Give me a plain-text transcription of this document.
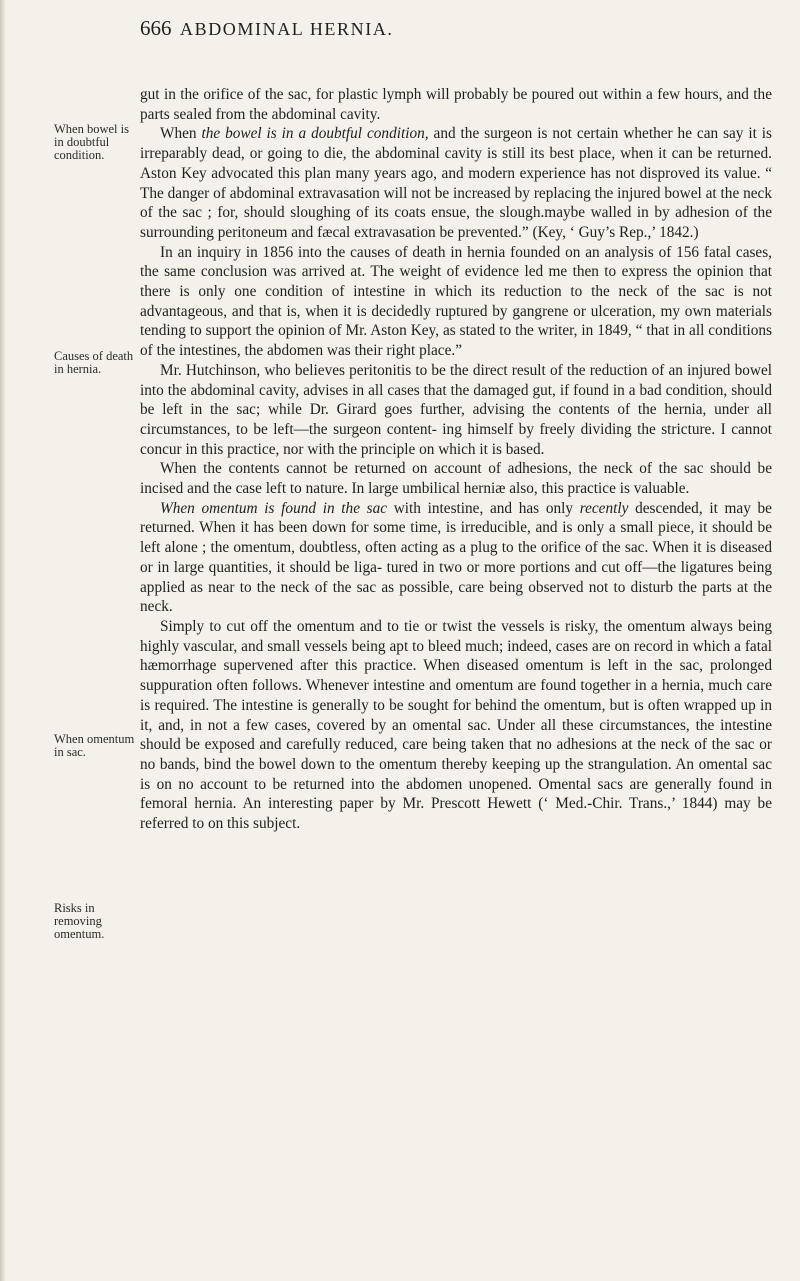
666 ABDOMINAL HERNIA.
When bowel is in doubtful condition.
Causes of death in hernia.
When omentum in sac.
Risks in removing omentum.

gut in the orifice of the sac, for plastic lymph will probably be poured out within a few hours, and the parts sealed from the abdominal cavity.

When the bowel is in a doubtful condition, and the surgeon is not certain whether he can say it is irreparably dead, or going to die, the abdominal cavity is still its best place, when it can be returned. Aston Key advocated this plan many years ago, and modern experience has not disproved its value. “ The danger of abdominal extravasation will not be increased by replacing the injured bowel at the neck of the sac ; for, should sloughing of its coats ensue, the slough.maybe walled in by adhesion of the surrounding peritoneum and fæcal extravasation be prevented.” (Key, ‘ Guy’s Rep.,’ 1842.)

In an inquiry in 1856 into the causes of death in hernia founded on an analysis of 156 fatal cases, the same conclusion was arrived at. The weight of evidence led me then to express the opinion that there is only one condition of intestine in which its reduction to the neck of the sac is not advantageous, and that is, when it is decidedly ruptured by gangrene or ulceration, my own materials tending to support the opinion of Mr. Aston Key, as stated to the writer, in 1849, “ that in all conditions of the intestines, the abdomen was their right place.”

Mr. Hutchinson, who believes peritonitis to be the direct result of the reduction of an injured bowel into the abdominal cavity, advises in all cases that the damaged gut, if found in a bad condition, should be left in the sac; while Dr. Girard goes further, advising the contents of the hernia, under all circumstances, to be left—the surgeon content- ing himself by freely dividing the stricture. I cannot concur in this practice, nor with the principle on which it is based.

When the contents cannot be returned on account of adhesions, the neck of the sac should be incised and the case left to nature. In large umbilical herniæ also, this practice is valuable.

When omentum is found in the sac with intestine, and has only recently descended, it may be returned. When it has been down for some time, is irreducible, and is only a small piece, it should be left alone ; the omentum, doubtless, often acting as a plug to the orifice of the sac. When it is diseased or in large quantities, it should be liga- tured in two or more portions and cut off—the ligatures being applied as near to the neck of the sac as possible, care being observed not to disturb the parts at the neck.

Simply to cut off the omentum and to tie or twist the vessels is risky, the omentum always being highly vascular, and small vessels being apt to bleed much; indeed, cases are on record in which a fatal hæmorrhage supervened after this practice. When diseased omentum is left in the sac, prolonged suppuration often follows. Whenever intestine and omentum are found together in a hernia, much care is required. The intestine is generally to be sought for behind the omentum, but is often wrapped up in it, and, in not a few cases, covered by an omental sac. Under all these circumstances, the intestine should be exposed and carefully reduced, care being taken that no adhesions at the neck of the sac or no bands, bind the bowel down to the omentum thereby keeping up the strangulation. An omental sac is on no account to be returned into the abdomen unopened. Omental sacs are generally found in femoral hernia. An interesting paper by Mr. Prescott Hewett (‘ Med.-Chir. Trans.,’ 1844) may be referred to on this subject.
